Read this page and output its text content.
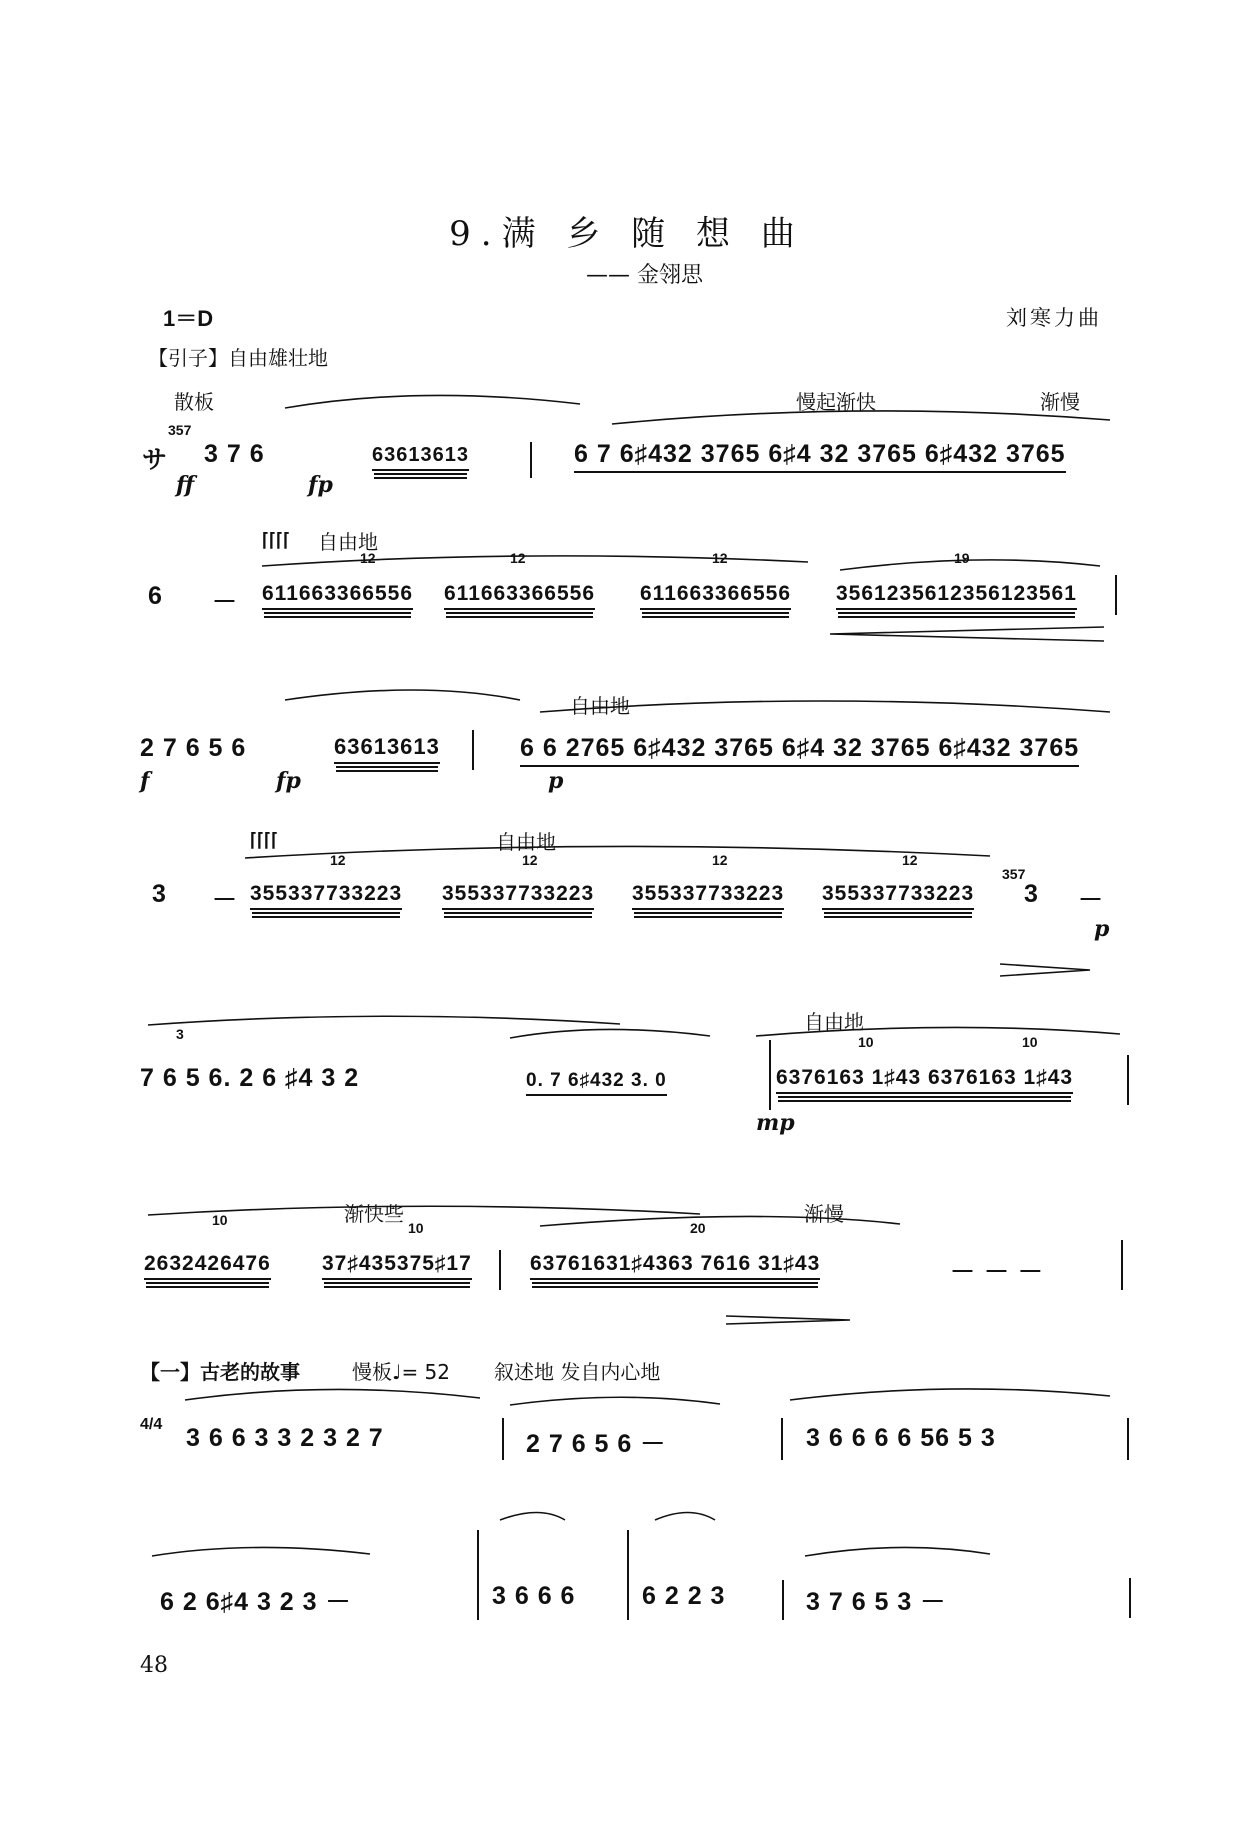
9.满 乡 随 想 曲
—— 金翎思
1＝D	刘寒力曲
【引子】自由雄壮地
散板	慢起渐快	渐慢
357
サ 3 7 6	63613613	6 7 6♯432 3765 6♯4 32 3765 6♯432 3765
ff	fp
⌈⌈⌈⌈ 自由地
12	12	12	19
6 － 611663366556 611663366556 611663366556 3561235612356123561
自由地
2 7 6 5 6	63613613	6 6 2765 6♯432 3765 6♯4 32 3765 6♯432 3765
f	fp	p
⌈⌈⌈⌈	自由地
12	12	12	12
357
3 － 355337733223 355337733223 355337733223 355337733223 3 －
p
自由地
3	10	10
7 6 5 6. 2 6 ♯4 3 2	0. 7 6♯432 3. 0	6376163 1♯43 6376163 1♯43
mp
渐快些	渐慢
10	10	20
2632426476 37♯435375♯17	63761631♯4363 7616 31♯43	－ － －
【一】古老的故事	慢板♩= 52 叙述地 发自内心地
4/4 3 6 6 3 3 2 3 2 7	2 7 6 5 6 －	3 6 6 6 6 56 5 3
6 2 6♯4 3 2 3 －	3 6 6 6	6 2 2 3	3 7 6 5 3 －
48
